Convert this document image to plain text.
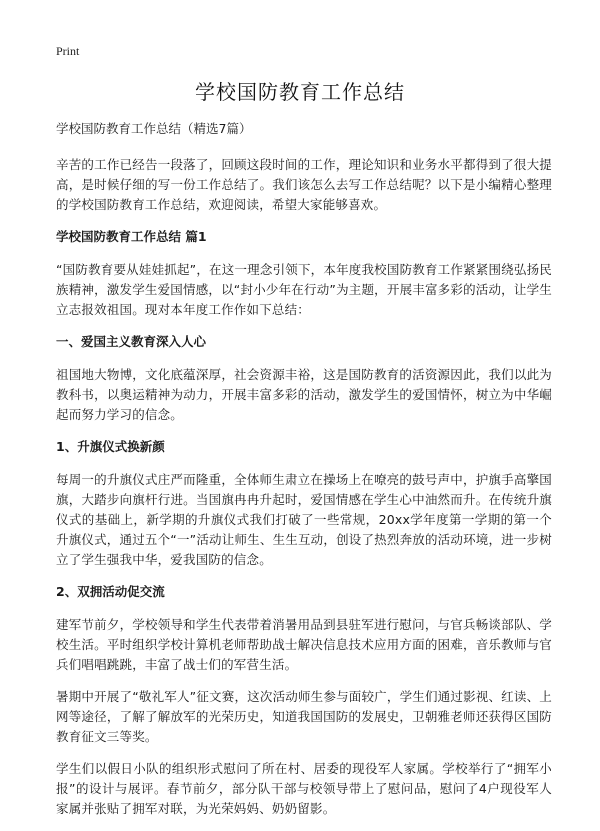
Print
学校国防教育工作总结
学校国防教育工作总结（精选7篇）

辛苦的工作已经告一段落了，回顾这段时间的工作，理论知识和业务水平都得到了很大提高，是时候仔细的写一份工作总结了。我们该怎么去写工作总结呢？以下是小编精心整理的学校国防教育工作总结，欢迎阅读，希望大家能够喜欢。

学校国防教育工作总结 篇1

“国防教育要从娃娃抓起”，在这一理念引领下，本年度我校国防教育工作紧紧围绕弘扬民族精神，激发学生爱国情感，以“封小少年在行动”为主题，开展丰富多彩的活动，让学生立志报效祖国。现对本年度工作作如下总结：

一、爱国主义教育深入人心

祖国地大物博，文化底蕴深厚，社会资源丰裕，这是国防教育的活资源因此，我们以此为教科书，以奥运精神为动力，开展丰富多彩的活动，激发学生的爱国情怀，树立为中华崛起而努力学习的信念。

1、升旗仪式换新颜

每周一的升旗仪式庄严而隆重，全体师生肃立在操场上在嘹亮的鼓号声中，护旗手高擎国旗，大踏步向旗杆行进。当国旗冉冉升起时，爱国情感在学生心中油然而升。在传统升旗仪式的基础上，新学期的升旗仪式我们打破了一些常规，20xx学年度第一学期的第一个升旗仪式，通过五个“一”活动让师生、生生互动，创设了热烈奔放的活动环境，进一步树立了学生强我中华，爱我国防的信念。

2、双拥活动促交流

建军节前夕，学校领导和学生代表带着消暑用品到县驻军进行慰问，与官兵畅谈部队、学校生活。平时组织学校计算机老师帮助战士解决信息技术应用方面的困难，音乐教师与官兵们唱唱跳跳，丰富了战士们的军营生活。

暑期中开展了“敬礼军人”征文赛，这次活动师生参与面较广，学生们通过影视、红读、上网等途径，了解了解放军的光荣历史，知道我国国防的发展史，卫朝雅老师还获得区国防教育征文三等奖。

学生们以假日小队的组织形式慰问了所在村、居委的现役军人家属。学校举行了“拥军小报”的设计与展评。春节前夕，部分队干部与校领导带上了慰问品，慰问了4户现役军人家属并张贴了拥军对联，为光荣妈妈、奶奶留影。
